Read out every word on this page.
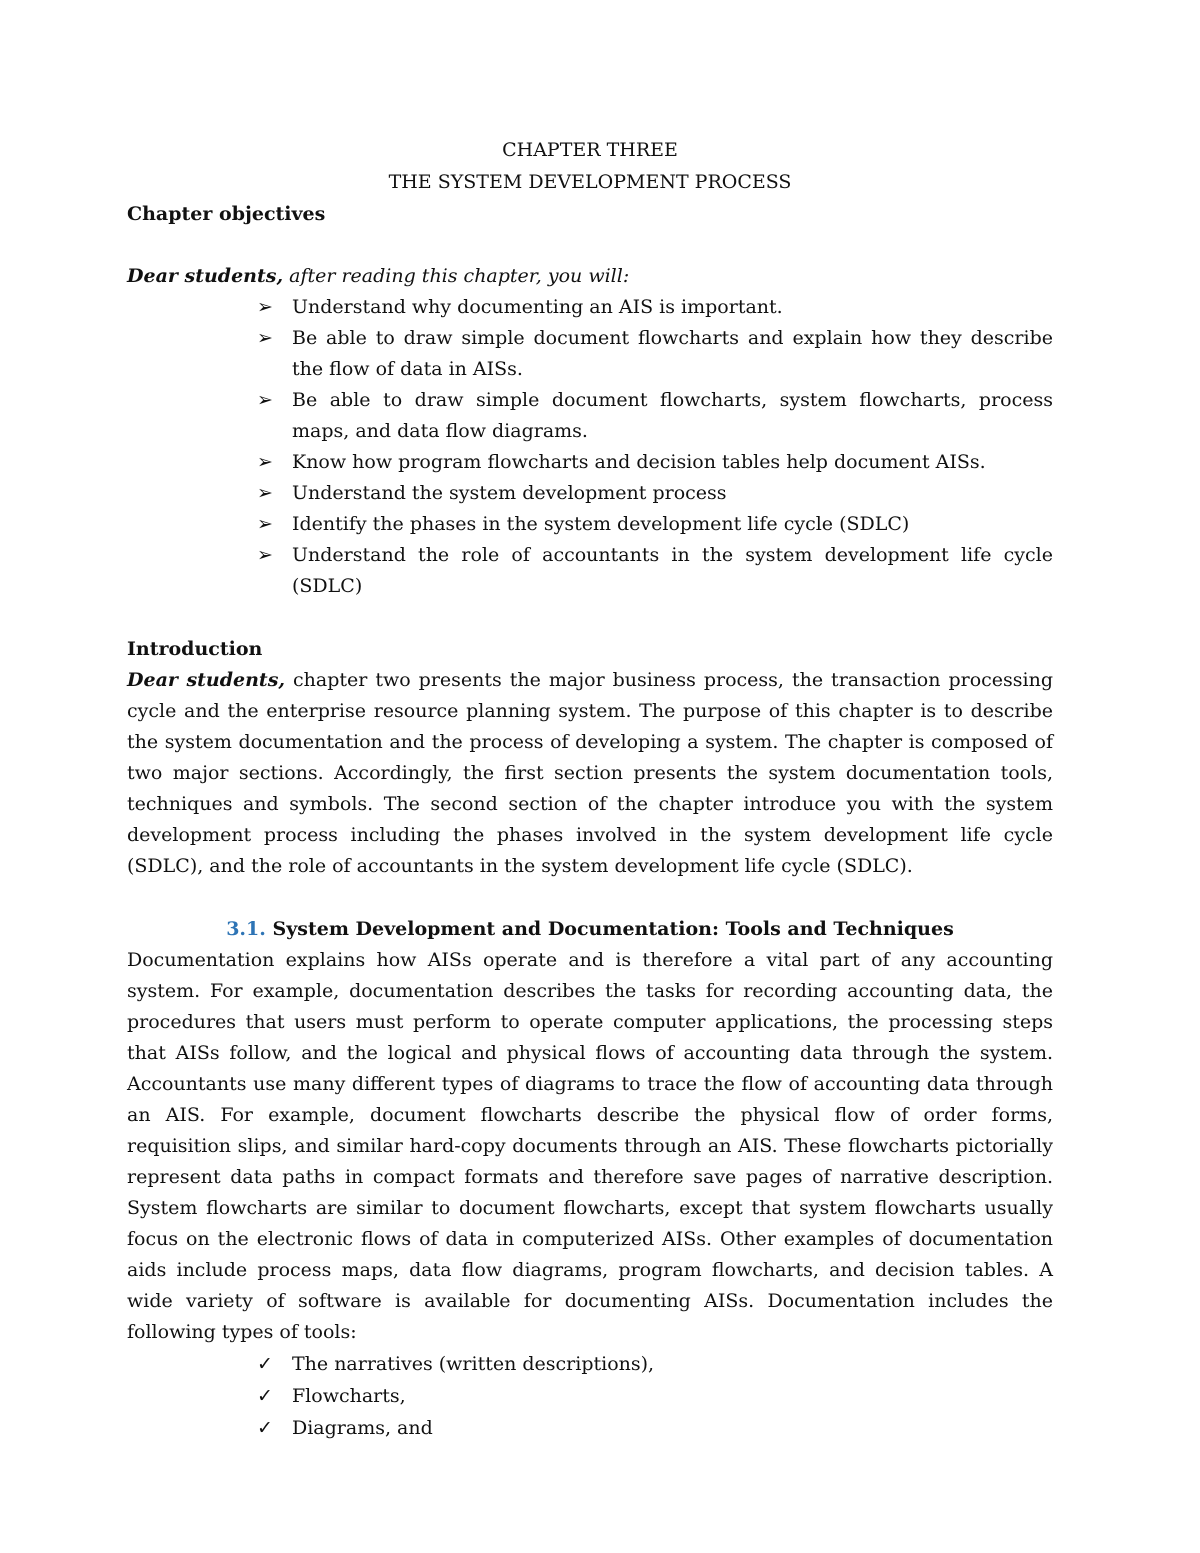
CHAPTER THREE

THE SYSTEM DEVELOPMENT PROCESS

Chapter objectives

Dear students, after reading this chapter, you will:

➢	Understand why documenting an AIS is important.
➢	Be able to draw simple document flowcharts and explain how they describe the flow of data in AISs.
➢	Be able to draw simple document flowcharts, system flowcharts, process maps, and data flow diagrams.
➢	Know how program flowcharts and decision tables help document AISs.
➢	Understand the system development process
➢	Identify the phases in the system development life cycle (SDLC)
➢	Understand the role of accountants in the system development life cycle (SDLC)

Introduction

Dear students, chapter two presents the major business process, the transaction processing cycle and the enterprise resource planning system. The purpose of this chapter is to describe the system documentation and the process of developing a system. The chapter is composed of two major sections. Accordingly, the first section presents the system documentation tools, techniques and symbols. The second section of the chapter introduce you with the system development process including the phases involved in the system development life cycle (SDLC), and the role of accountants in the system development life cycle (SDLC).

3.1. System Development and Documentation: Tools and Techniques

Documentation explains how AISs operate and is therefore a vital part of any accounting system. For example, documentation describes the tasks for recording accounting data, the procedures that users must perform to operate computer applications, the processing steps that AISs follow, and the logical and physical flows of accounting data through the system. Accountants use many different types of diagrams to trace the flow of accounting data through an AIS. For example, document flowcharts describe the physical flow of order forms, requisition slips, and similar hard-copy documents through an AIS. These flowcharts pictorially represent data paths in compact formats and therefore save pages of narrative description. System flowcharts are similar to document flowcharts, except that system flowcharts usually focus on the electronic flows of data in computerized AISs. Other examples of documentation aids include process maps, data flow diagrams, program flowcharts, and decision tables. A wide variety of software is available for documenting AISs. Documentation includes the following types of tools:

✓	The narratives (written descriptions),
✓	Flowcharts,
✓	Diagrams, and
